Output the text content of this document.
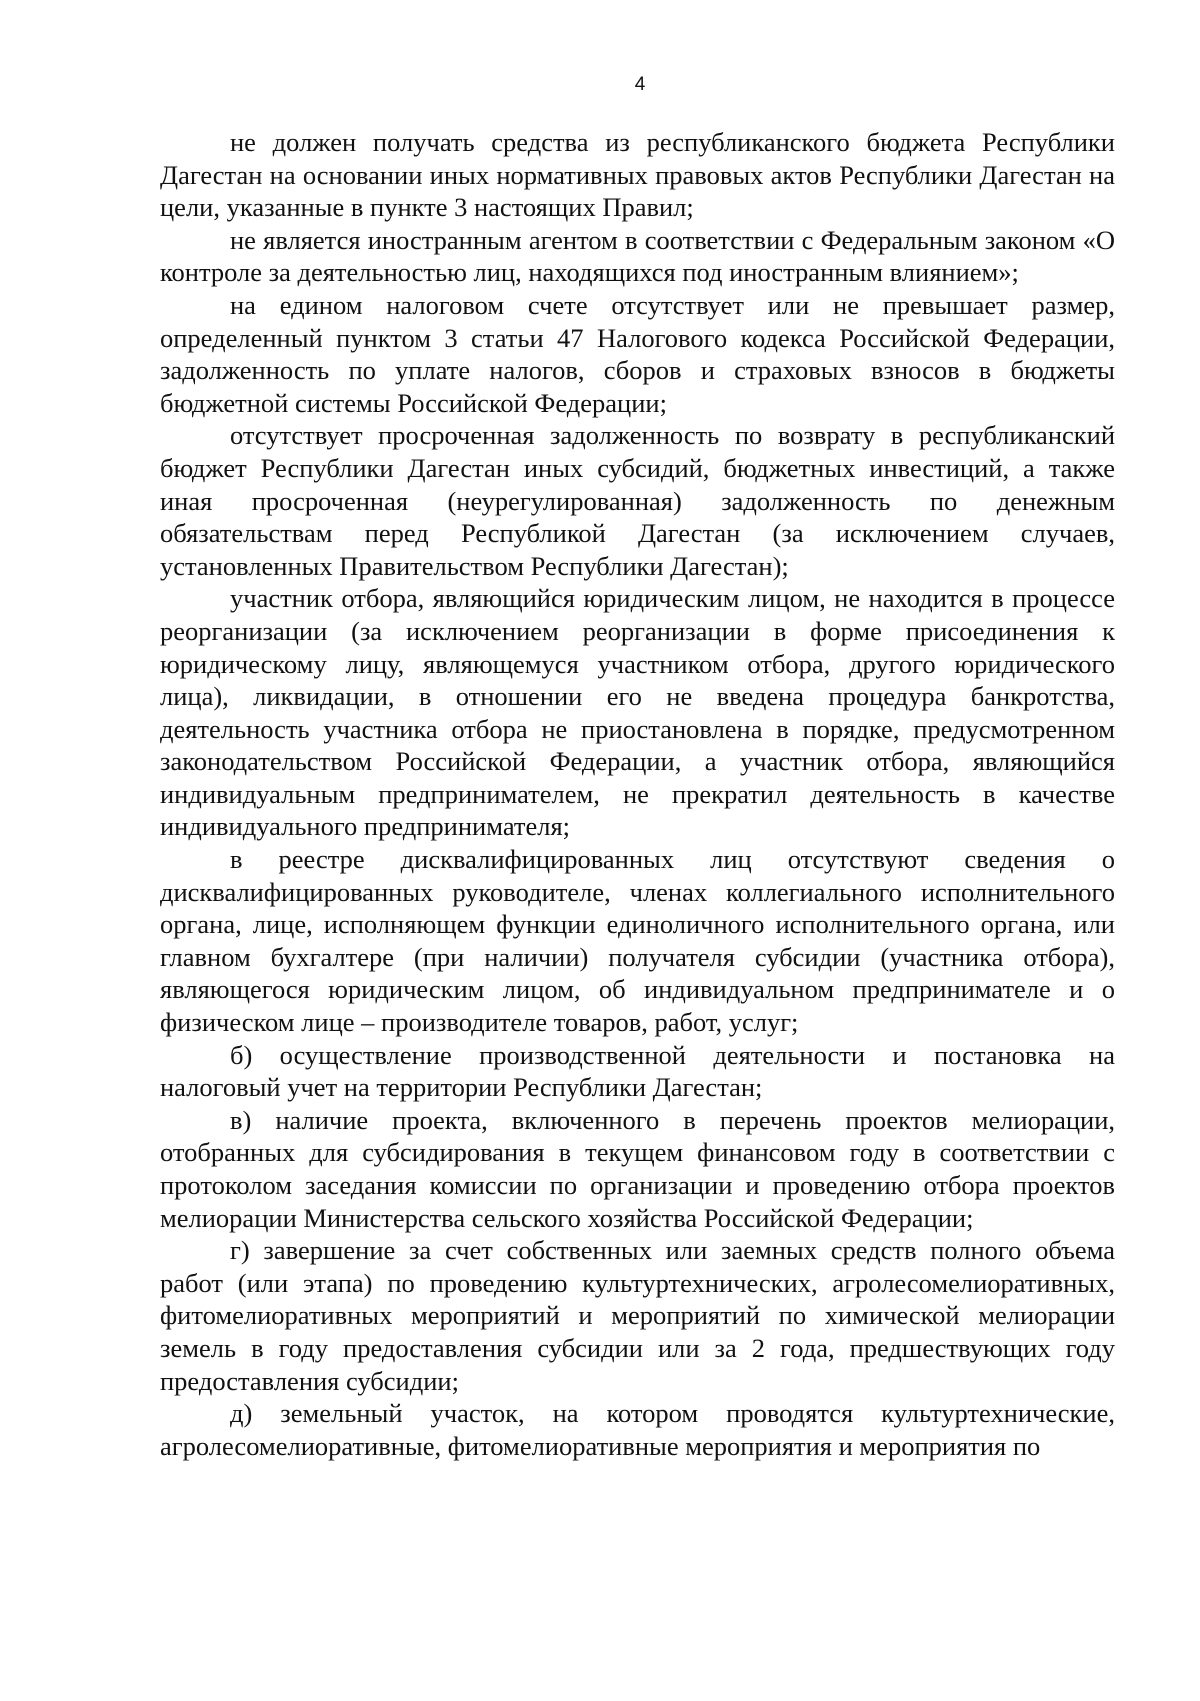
4

не должен получать средства из республиканского бюджета Республики Дагестан на основании иных нормативных правовых актов Республики Дагестан на цели, указанные в пункте 3 настоящих Правил;

не является иностранным агентом в соответствии с Федеральным законом «О контроле за деятельностью лиц, находящихся под иностранным влиянием»;

на едином налоговом счете отсутствует или не превышает размер, определенный пунктом 3 статьи 47 Налогового кодекса Российской Федерации, задолженность по уплате налогов, сборов и страховых взносов в бюджеты бюджетной системы Российской Федерации;

отсутствует просроченная задолженность по возврату в республиканский бюджет Республики Дагестан иных субсидий, бюджетных инвестиций, а также иная просроченная (неурегулированная) задолженность по денежным обязательствам перед Республикой Дагестан (за исключением случаев, установленных Правительством Республики Дагестан);

участник отбора, являющийся юридическим лицом, не находится в процессе реорганизации (за исключением реорганизации в форме присоединения к юридическому лицу, являющемуся участником отбора, другого юридического лица), ликвидации, в отношении его не введена процедура банкротства, деятельность участника отбора не приостановлена в порядке, предусмотренном законодательством Российской Федерации, а участник отбора, являющийся индивидуальным предпринимателем, не прекратил деятельность в качестве индивидуального предпринимателя;

в реестре дисквалифицированных лиц отсутствуют сведения о дисквалифицированных руководителе, членах коллегиального исполнительного органа, лице, исполняющем функции единоличного исполнительного органа, или главном бухгалтере (при наличии) получателя субсидии (участника отбора), являющегося юридическим лицом, об индивидуальном предпринимателе и о физическом лице – производителе товаров, работ, услуг;

б) осуществление производственной деятельности и постановка на налоговый учет на территории Республики Дагестан;

в) наличие проекта, включенного в перечень проектов мелиорации, отобранных для субсидирования в текущем финансовом году в соответствии с протоколом заседания комиссии по организации и проведению отбора проектов мелиорации Министерства сельского хозяйства Российской Федерации;

г) завершение за счет собственных или заемных средств полного объема работ (или этапа) по проведению культуртехнических, агролесомелиоративных, фитомелиоративных мероприятий и мероприятий по химической мелиорации земель в году предоставления субсидии или за 2 года, предшествующих году предоставления субсидии;

д) земельный участок, на котором проводятся культуртехнические, агролесомелиоративные, фитомелиоративные мероприятия и мероприятия по
